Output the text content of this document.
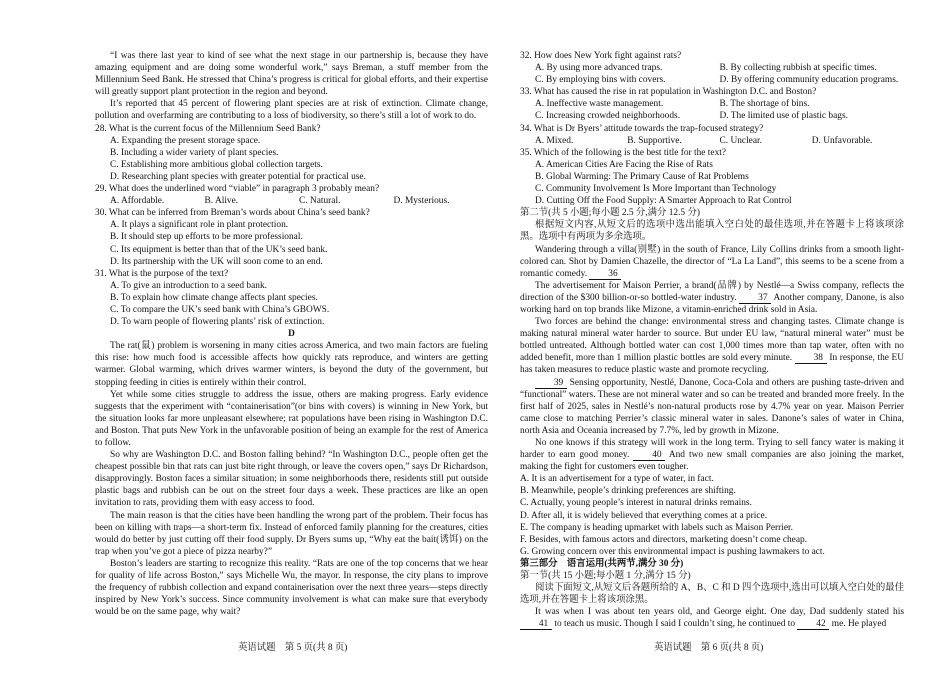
“I was there last year to kind of see what the next stage in our partnership is, because they have amazing equipment and are doing some wonderful work,” says Breman, a stuff member from the Millennium Seed Bank. He stressed that China’s progress is critical for global efforts, and their expertise will greatly support plant protection in the region and beyond.

It’s reported that 45 percent of flowering plant species are at risk of extinction. Climate change, pollution and overfarming are contributing to a loss of biodiversity, so there’s still a lot of work to do.

28. What is the current focus of the Millennium Seed Bank?

A. Expanding the present storage space.

B. Including a wider variety of plant species.

C. Establishing more ambitious global collection targets.

D. Researching plant species with greater potential for practical use.

29. What does the underlined word “viable” in paragraph 3 probably mean?

A. Affordable.	B. Alive.	C. Natural.	D. Mysterious.

30. What can be inferred from Breman’s words about China’s seed bank?

A. It plays a significant role in plant protection.

B. It should step up efforts to be more professional.

C. Its equipment is better than that of the UK’s seed bank.

D. Its partnership with the UK will soon come to an end.

31. What is the purpose of the text?

A. To give an introduction to a seed bank.

B. To explain how climate change affects plant species.

C. To compare the UK’s seed bank with China’s GBOWS.

D. To warn people of flowering plants’ risk of extinction.

D

The rat(鼠) problem is worsening in many cities across America, and two main factors are fueling this rise: how much food is accessible affects how quickly rats reproduce, and winters are getting warmer. Global warming, which drives warmer winters, is beyond the duty of the government, but stopping feeding in cities is entirely within their control.

Yet while some cities struggle to address the issue, others are making progress. Early evidence suggests that the experiment with “containerisation”(or bins with covers) is winning in New York, but the situation looks far more unpleasant elsewhere; rat populations have been rising in Washington D.C. and Boston. That puts New York in the unfavorable position of being an example for the rest of America to follow.

So why are Washington D.C. and Boston falling behind? “In Washington D.C., people often get the cheapest possible bin that rats can just bite right through, or leave the covers open,” says Dr Richardson, disapprovingly. Boston faces a similar situation; in some neighborhoods there, residents still put outside plastic bags and rubbish can be out on the street four days a week. These practices are like an open invitation to rats, providing them with easy access to food.

The main reason is that the cities have been handling the wrong part of the problem. Their focus has been on killing with traps—a short-term fix. Instead of enforced family planning for the creatures, cities would do better by just cutting off their food supply. Dr Byers sums up, “Why eat the bait(诱饵) on the trap when you’ve got a piece of pizza nearby?”

Boston’s leaders are starting to recognize this reality. “Rats are one of the top concerns that we hear for quality of life across Boston,” says Michelle Wu, the mayor. In response, the city plans to improve the frequency of rubbish collection and expand containerisation over the next three years—steps directly inspired by New York’s success. Since community involvement is what can make sure that everybody would be on the same page, why wait?

32. How does New York fight against rats?

A. By using more advanced traps.	B. By collecting rubbish at specific times.
C. By employing bins with covers.	D. By offering community education programs.

33. What has caused the rise in rat population in Washington D.C. and Boston?

A. Ineffective waste management.	B. The shortage of bins.
C. Increasing crowded neighborhoods.	D. The limited use of plastic bags.

34. What is Dr Byers’ attitude towards the trap-focused strategy?

A. Mixed.	B. Supportive.	C. Unclear.	D. Unfavorable.

35. Which of the following is the best title for the text?

A. American Cities Are Facing the Rise of Rats

B. Global Warming: The Primary Cause of Rat Problems

C. Community Involvement Is More Important than Technology

D. Cutting Off the Food Supply: A Smarter Approach to Rat Control

第二节(共 5 小题;每小题 2.5 分,满分 12.5 分)

根据短文内容,从短文后的选项中选出能填入空白处的最佳选项,并在答题卡上将该项涂黑。选项中有两项为多余选项。

Wandering through a villa(别墅) in the south of France, Lily Collins drinks from a smooth light-colored can. Shot by Damien Chazelle, the director of “La La Land”, this seems to be a scene from a romantic comedy. 36

The advertisement for Maison Perrier, a brand(品牌) by Nestlé—a Swiss company, reflects the direction of the $300 billion-or-so bottled-water industry. 37 Another company, Danone, is also working hard on top brands like Mizone, a vitamin-enriched drink sold in Asia.

Two forces are behind the change: environmental stress and changing tastes. Climate change is making natural mineral water harder to source. But under EU law, “natural mineral water” must be bottled untreated. Although bottled water can cost 1,000 times more than tap water, often with no added benefit, more than 1 million plastic bottles are sold every minute. 38 In response, the EU has taken measures to reduce plastic waste and promote recycling.

39 Sensing opportunity, Nestlé, Danone, Coca-Cola and others are pushing taste-driven and “functional” waters. These are not mineral water and so can be treated and branded more freely. In the first half of 2025, sales in Nestlé’s non-natural products rose by 4.7% year on year. Maison Perrier came close to matching Perrier’s classic mineral water in sales. Danone’s sales of water in China, north Asia and Oceania increased by 7.7%, led by growth in Mizone.

No one knows if this strategy will work in the long term. Trying to sell fancy water is making it harder to earn good money. 40 And two new small companies are also joining the market, making the fight for customers even tougher.

A. It is an advertisement for a type of water, in fact.

B. Meanwhile, people’s drinking preferences are shifting.

C. Actually, young people’s interest in natural drinks remains.

D. After all, it is widely believed that everything comes at a price.

E. The company is heading upmarket with labels such as Maison Perrier.

F. Besides, with famous actors and directors, marketing doesn’t come cheap.

G. Growing concern over this environmental impact is pushing lawmakers to act.

第三部分　语言运用(共两节,满分 30 分)

第一节(共 15 小题;每小题 1 分,满分 15 分)

阅读下面短文,从短文后各题所给的 A、B、C 和 D 四个选项中,选出可以填入空白处的最佳选项,并在答题卡上将该项涂黑。

It was when I was about ten years old, and George eight. One day, Dad suddenly stated his 41 to teach us music. Though I said I couldn’t sing, he continued to 42 me. He played

英语试题　第 5 页(共 8 页)	英语试题　第 6 页(共 8 页)
